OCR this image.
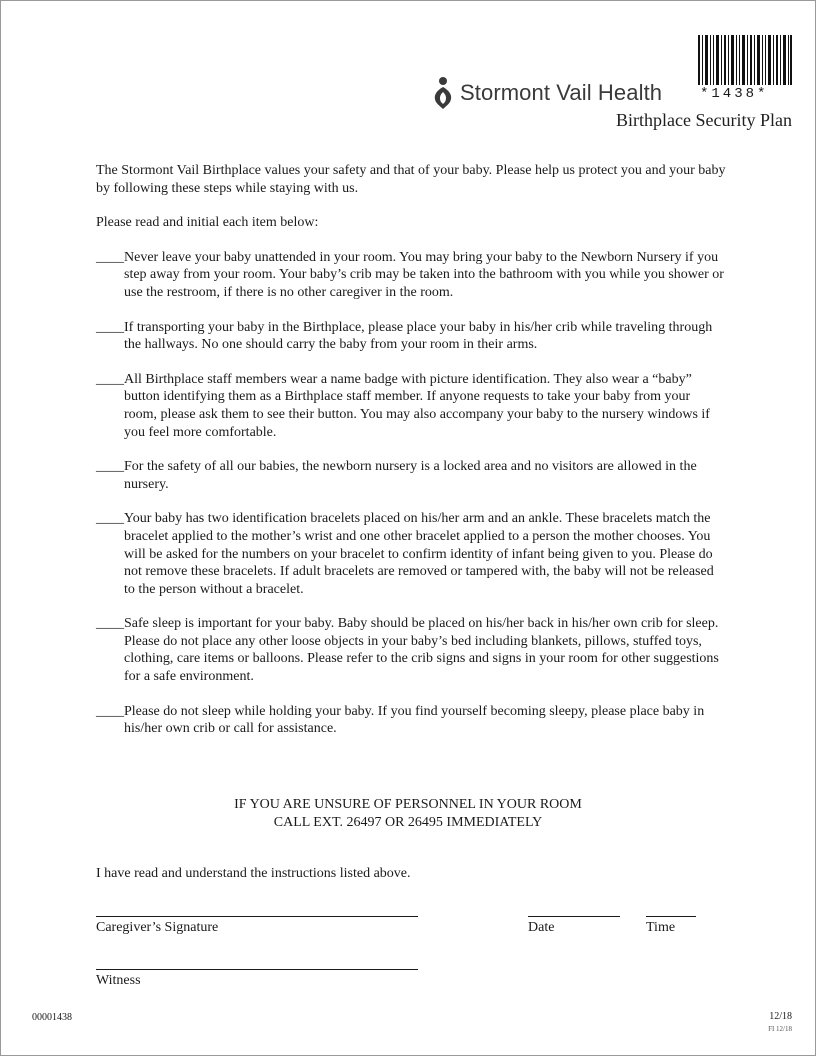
*1438*
Stormont Vail Health
Birthplace Security Plan

The Stormont Vail Birthplace values your safety and that of your baby. Please help us protect you and your baby by following these steps while staying with us.

Please read and initial each item below:

____ Never leave your baby unattended in your room. You may bring your baby to the Newborn Nursery if you step away from your room. Your baby’s crib may be taken into the bathroom with you while you shower or use the restroom, if there is no other caregiver in the room.
____ If transporting your baby in the Birthplace, please place your baby in his/her crib while traveling through the hallways. No one should carry the baby from your room in their arms.
____ All Birthplace staff members wear a name badge with picture identification. They also wear a “baby” button identifying them as a Birthplace staff member. If anyone requests to take your baby from your room, please ask them to see their button. You may also accompany your baby to the nursery windows if you feel more comfortable.
____ For the safety of all our babies, the newborn nursery is a locked area and no visitors are allowed in the nursery.
____ Your baby has two identification bracelets placed on his/her arm and an ankle. These bracelets match the bracelet applied to the mother’s wrist and one other bracelet applied to a person the mother chooses. You will be asked for the numbers on your bracelet to confirm identity of infant being given to you. Please do not remove these bracelets. If adult bracelets are removed or tampered with, the baby will not be released to the person without a bracelet.
____ Safe sleep is important for your baby. Baby should be placed on his/her back in his/her own crib for sleep. Please do not place any other loose objects in your baby’s bed including blankets, pillows, stuffed toys, clothing, care items or balloons. Please refer to the crib signs and signs in your room for other suggestions for a safe environment.
____ Please do not sleep while holding your baby. If you find yourself becoming sleepy, please place baby in his/her own crib or call for assistance.
IF YOU ARE UNSURE OF PERSONNEL IN YOUR ROOM
CALL EXT. 26497 OR 26495 IMMEDIATELY
I have read and understand the instructions listed above.
Caregiver’s Signature	Date	Time
Witness
00001438	12/18
FI 12/18
